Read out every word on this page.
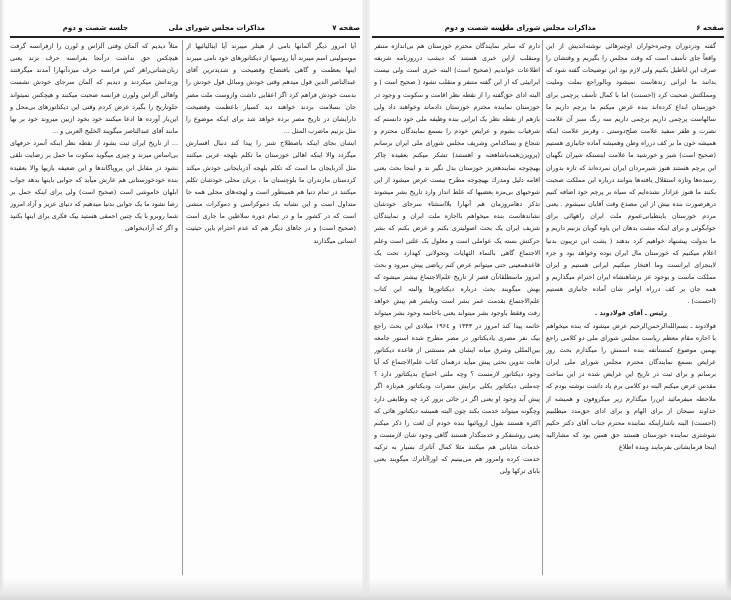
صفحه ۷
مذاکرات مجلس شورای ملی
جلسه شصت و دوم

آیا امروز دیگر آلمانها نامی از هیتلر میبرند آیا ایتالیائیها از موسولینی اسم میبرند آیا روسیها از دیکتاتورهای خود نامی میبرند اینها بعظمت و گاهی بافتضاح وفضیحت و شدیدترین آقای عبدالناصر الدین قول میدهم وقتی خودش وسائل قول خودش را بدست خودش فراهم کرد اگر اعقابی داشت وازوست ملت مصر جان بسلامت بردند خواهند دید کسیار باعظمت وفضیحت دارایشان در تاریخ مصر برده خواهد شد برای اینکه موضوع را مثل بزنیم ماضرب المثل ...

ایشان بجای اینکه باصطلاح شتر را پیدا کند دنبال افسارش میگردد والا اینکه اهالی خوزستان ما تکلم بلهجه عربی میکنند مثل آذربایجان ما است که تکلم بلهجه آذربایجانی خودش میکند کردستان مازندران ما بلوچستان ما ، بزبان محلی خودشان تکلم میکنند در تمام دنیا هم همینطور است و لهجه‌های محلی همه جا متداول است و این نشانه یک دموکراسی و دموکرات منشی است که در کشور ما و در تمام دوره سلاطین ما جاری است (صحیح است) و در جاهای دیگر هم که عدم احترام باین حیثیت انسانی میگذارند

مثلاً دیدیم که آلمان وقتی آلزاس و لورن را ازفرانسه گرفت هیچکس حق نداشت درآنجا بفرانسه حرف بزند یعنی زبان‌شناتی‌راهر کس فرانسه حرف میزدآنهارا آمدند میگرفتند وزندانش میکردند و دیدیم که آلمان سرجای خودش نشست واهالی آلزاس ولورن فرانسه صحبت میکنند و هیچکس نمیتواند جلوتاریخ را بگیرد عرض کردم وقتی این دیکتاتورهای بی‌محل و این‌بار آورده ها ادعا میکنند خود بخود ازبین میروند خود بر بها مانند آقای عبدالناصر میگویند الخلیج العربی و ...

... از تاریخ ایران ثبت بشود از نقطه نظر اینکه آنمرد حرفهای بی‌اساس میزند و چیزی میگوید سکوت ما حمل بر رضایت تلقی نشود در مقابل این پروپاگاندها و این ضعیفه بازیها والا بعقیده بنده خودخوزستانی هم عارش میآید که جوابی باینها بدهد جواب ابلهان خاموشی است (صحیح است) ولی برای اینکه حمل بر رضا نشود ما یک جوابی بدنیا میدهیم که دنیای عزیز و آزاد امروز شما روبرو با یک چنین احمقی هستید بیک فکری برای اینها بکنید و اگر که آزادیخواهی

صفحه ۶
مذاکرات مجلس شورای ملی
جلسه شصت و دوم

گفته ودردوران وجیره‌خواران اوچیزهائی نوشته‌اندیش از این واقعاً جای تأسف است که وقت مجلس را بگیریم و وقتشان را صرف این اباطیل بکنیم ولی لازم بود این توضیحات گفته شود که بدانند ما ایرانی زندهاست نمیشود وبالوراجع بملت وملیت ومملکتش صحبت کرد (احسنت) اما با کمال تأسف پرچمی برای خوزستان ابداع کرده‌اند بنده عرض میکنم ما پرچم داریم ما سالهاست پرچمی داریم پرچمی داریم سه رنگ سبز آن علامت نصرت و ظفر سفید علامت صلح‌دوستی ، وقرمز علامت اینکه همیشه خون ما بر کف درراه وطن وهمیشه آماده جانبازی هستیم (صحیح است) شیر و خورشید ما علامت اینستکه شیران نگهبان این پرچم هستند هنوز شیرمردان ایران نمرده‌اند که تازه بدوران رسیده‌ها وتازه استقلال یافته‌ها بتوانند درباره این مملکت صحبت بکنند ما هنوز عزادار نشده‌ایم که سیاه بر پرچم خود اضافه کنیم درهرصورت بنده بیش از این مصدع وقت آقایان نمیشوم . یعنی مردم خوزستان باینطیانی‌عموم ملت ایران راههائی برای جوابگوئی و برای اینکه مشت بدهان این یاوه گویان بزنیم داریم و ما بدولت پیشنهاد خواهیم کرد بدهند ( یشت این تریبون بدنیا اعلام میکنیم که خوزستان مال ایران بوده وخواهد بود و جزء لاینجزای ایرانست وما افتخار میکنیم ایرانی هستیم و ایران مملکت ماست و بوجود عز بزشاهنشاه ایران احترام میگذاریم و همه جان بر کف درراه اوامر شان آماده جانبازی هستیم (احسنت) .

رئیس ـ آقای فولادوند .

فولادوند ـ بسم‌الله‌الرحمن‌الرحیم عرض میشود که بنده میخواهم با اجازه مقام معظم ریاست مجلس شورای ملی دو کلامی راجع بهمین موضوع کمستأنفه بنده اسمش را میگذارم بحث روز عرایض بسمع نمایندگان محترم مجلس شورای ملی ایران برسانم و برای ثبت در تاریخ این عرایض شده در این ساحت مقدس عرض میکنم البته دو کلامی برم یاد داشت نوشته بودم که ملاحظه میفرمائید این‌را میگذارم زیر میکروفون و همیشه از خداوند سبحان از برای الهام و برای ادای حق‌مدد میطلبیم (احسنت) البته باشاراینکه نماینده محترم جناب آقای دکتر حکیم شوشتری نماینده خوزستان هستند حق همین بود که مشارالیه اینجا فرمایشاتی بفرمایند وبنده اطلاع

دارم که سایر نمایندگان محترم خوزستان هم بی‌اندازه متنفر ومنقلب ازاین خبری هستند که دیشب درروزنامه شریفه اطلاعات خواندیم (صحیح است) البته خبری است ولی نیست ایرانیئی که از این گفته متنفر و منقلب نشود ( صحیح است ) و البته ادای حق‌گفته را از نقطه نظر اقامت و سکونت و وجود در خوزستان نماینده محترم خوزستان دادماند وخواهند داد ولی بازهم از نقطه نظر یک ایرانی بنده وظیفه ملی خود دانستم که شرفیاب بشوم و عرایض خودم را بسمع نمایندگان محترم و شجاع و یساکدامن وشریف مجلس شورای ملی ایران برسانم (پرویز‌ن‌همه‌باشاهعنه و اهستند) تشکر میکنم بعقیده چاکر بهیچوجه نمایندهعزیز خوزستان بدل نگیر ند و اینجا بحث یعنی اقامه دلیل ومدرك بهیچوجه مطرح نیست عرض میشود از این شوخیهای بی‌مزه بعضیها که غلط انداز وارد تاریخ بشر میشوند تذکر دهامروزمان هم آنهارا بلااستثناء سرجای خودشان نشاندهاست بنده میخواهم بااجازه ملت ایران و نمایندگان شریف ایران یک بحث اصولیتری بکنم و عرض بکنم که بشر حرکتش بسته یک عواملی است و معلول یک علتی است وعلم الاجتماع گاهی بالنماء الثهایات وتحولاتی کهدارد تحت یک قاعدهمعینی حتی میتوانم عرض کنم ریاضی پیش میرود و بحث امروز ماسطلقانآن قصر از تاریخ علم‌الاجتماع بیشتر میشود که بهش میگویند بحث درباره دیکتاتورها والبته این کتاب علم‌الاجتماع بقدمت عمر بشر است وبایشر هم پیش خواهد رفت وفقط باوجود بشر میتواند یعنی باخاتمه وجود بشر میتواند خاتمه پیدا کند امروز در ۱۳۴۳ و ۱۹۶٤ میلادی این بحث راجع بیک نفر مصری یادیکتاتور در مصر مطرح شده استور جامعه بین‌المللی وشرق میانه ایشان هم مستثنی از قاعده دیکتاتور هابت تدوین بحثی پیش میآید درهمان کتاب علم‌الاجتماع که آیا وجود دیکتاتور لازمست ؟ وچه ملتی احتیاج بدیکتاتور دارد ؟ چه‌ملتی دیکتاتور بکلی برایش مضرات ودیکتاتور هم‌تازه اگر پیش آید وجود او یعنی اگر در جائی بروز کرد چه وظایفی دارد وچگونه میتواند خدمت بکند چون البته همیشه دیکتاتور هائی که اکثره هستند بقول اروپائیها بنده خودم آن لغت را ذکر میکنم یعنی روشنفکر و خدمتگذار هستند گاهی وجود شان لازمست و خدمات شایانی هم میکنند مثلا کمال آتاترك بسیار به ترکیه خدمت کرده وامروز هم می‌بینیم که اوراآتاترك میگویند یعنی بابای ترکها ولی
